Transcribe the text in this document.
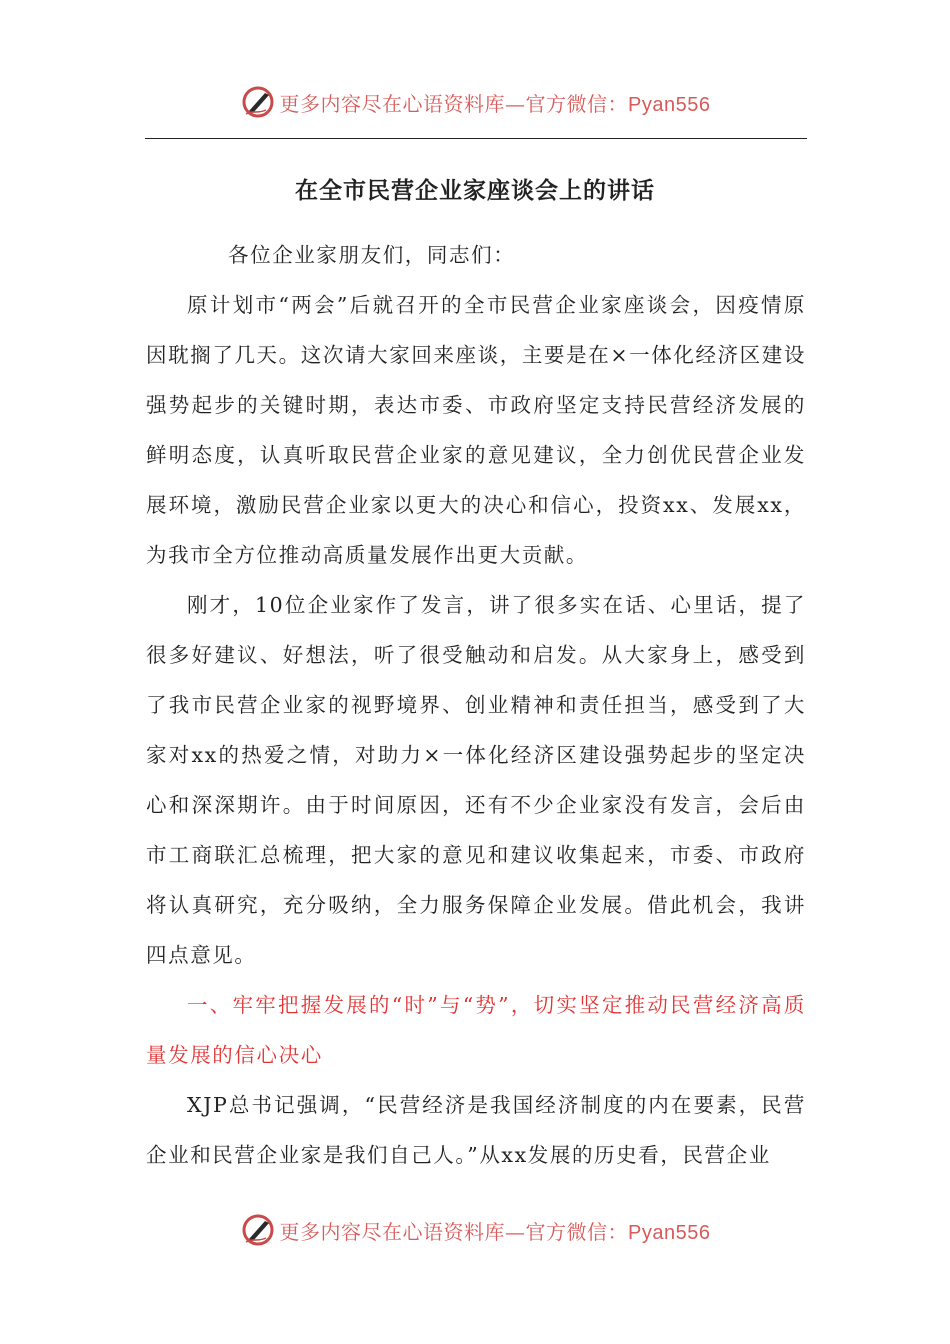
更多内容尽在心语资料库—官方微信：Pyan556
在全市民营企业家座谈会上的讲话

各位企业家朋友们，同志们：

原计划市“两会”后就召开的全市民营企业家座谈会，因疫情原因耽搁了几天。这次请大家回来座谈，主要是在×一体化经济区建设强势起步的关键时期，表达市委、市政府坚定支持民营经济发展的鲜明态度，认真听取民营企业家的意见建议，全力创优民营企业发展环境，激励民营企业家以更大的决心和信心，投资xx、发展xx，为我市全方位推动高质量发展作出更大贡献。

刚才，10位企业家作了发言，讲了很多实在话、心里话，提了很多好建议、好想法，听了很受触动和启发。从大家身上，感受到了我市民营企业家的视野境界、创业精神和责任担当，感受到了大家对xx的热爱之情，对助力×一体化经济区建设强势起步的坚定决心和深深期许。由于时间原因，还有不少企业家没有发言，会后由市工商联汇总梳理，把大家的意见和建议收集起来，市委、市政府将认真研究，充分吸纳，全力服务保障企业发展。借此机会，我讲四点意见。

一、牢牢把握发展的“时”与“势”，切实坚定推动民营经济高质量发展的信心决心

XJP总书记强调，“民营经济是我国经济制度的内在要素，民营企业和民营企业家是我们自己人。”从xx发展的历史看，民营企业

更多内容尽在心语资料库—官方微信：Pyan556
